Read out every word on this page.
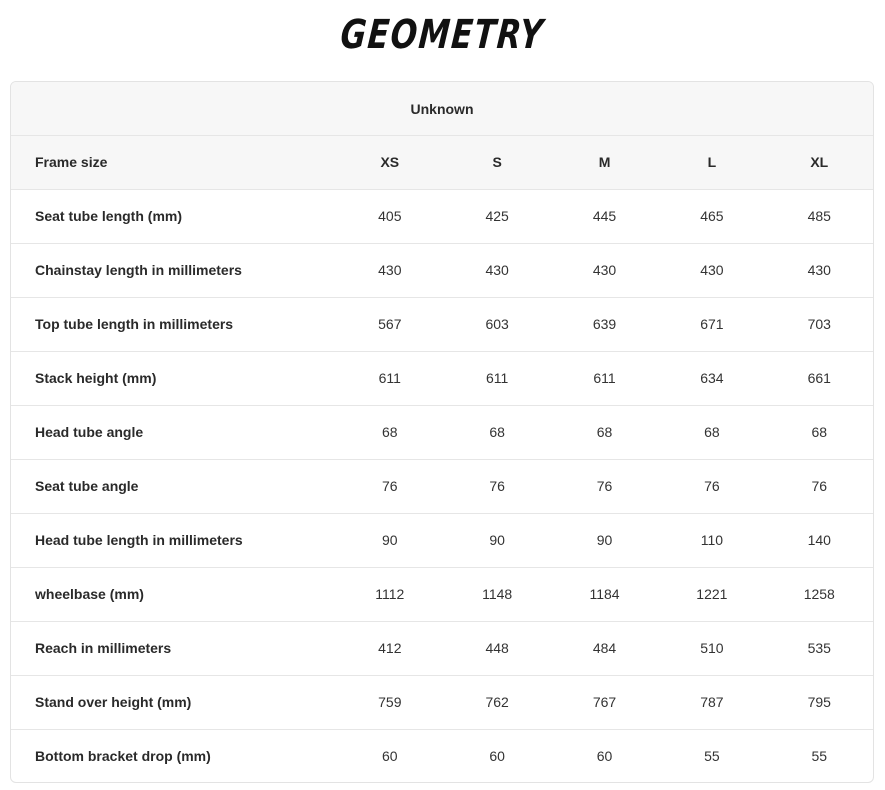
GEOMETRY
Unknown
Frame size	XS	S	M	L	XL
Seat tube length (mm)	405	425	445	465	485
Chainstay length in millimeters	430	430	430	430	430
Top tube length in millimeters	567	603	639	671	703
Stack height (mm)	611	611	611	634	661
Head tube angle	68	68	68	68	68
Seat tube angle	76	76	76	76	76
Head tube length in millimeters	90	90	90	110	140
wheelbase (mm)	1112	1148	1184	1221	1258
Reach in millimeters	412	448	484	510	535
Stand over height (mm)	759	762	767	787	795
Bottom bracket drop (mm)	60	60	60	55	55
